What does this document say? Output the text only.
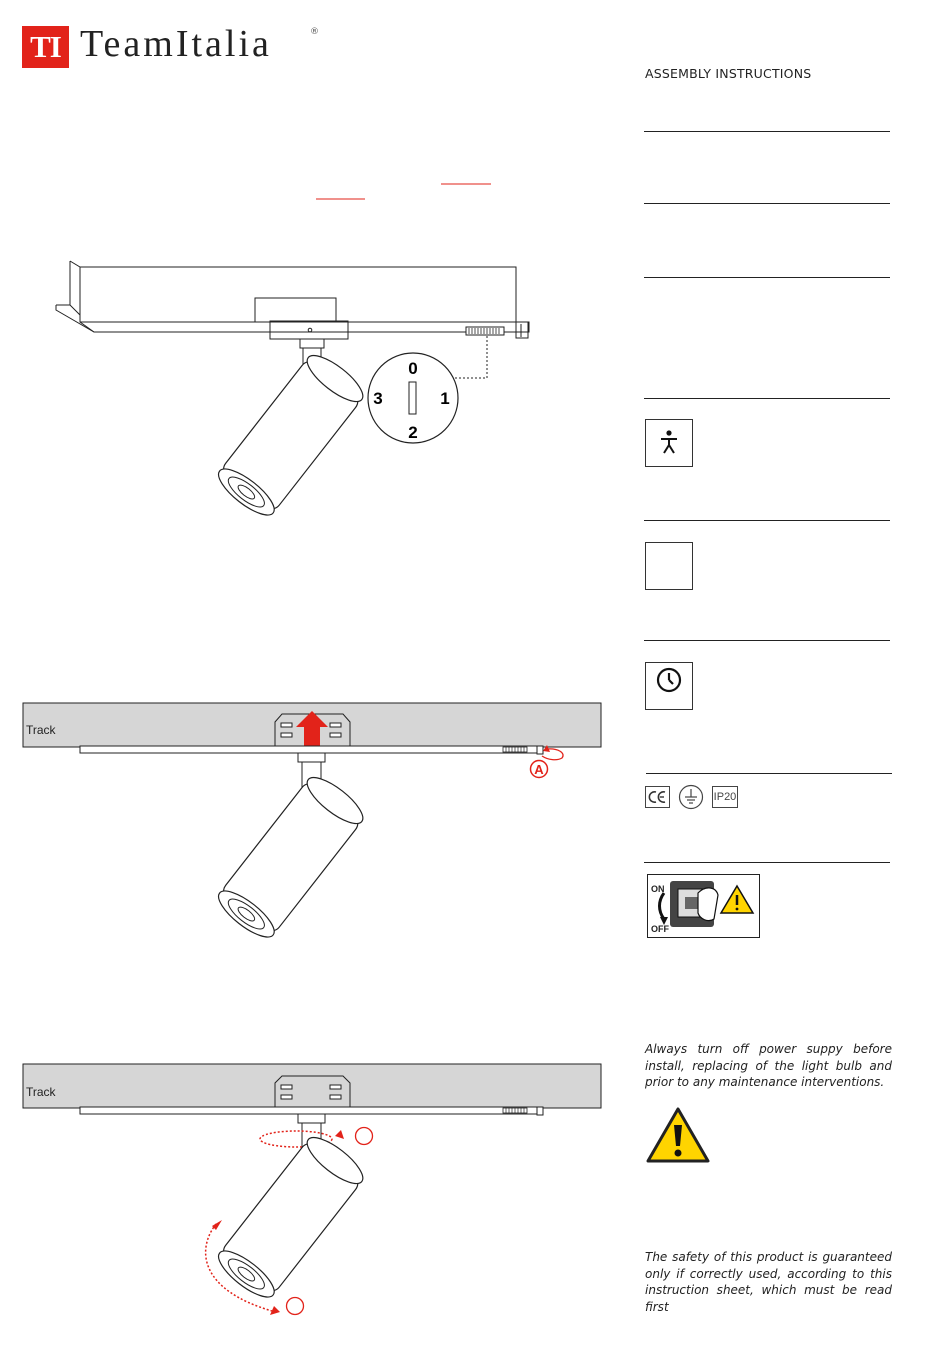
TI TeamItalia	®
ASSEMBLY INSTRUCTIONS
IP20
ON
OFF
Always turn off power suppy before install, replacing of the light bulb and prior to any maintenance interventions.
The safety of this product is guaranteed only if correctly used, according to this instruction sheet, which must be read first
0
1
2
3
Track
A
Track
